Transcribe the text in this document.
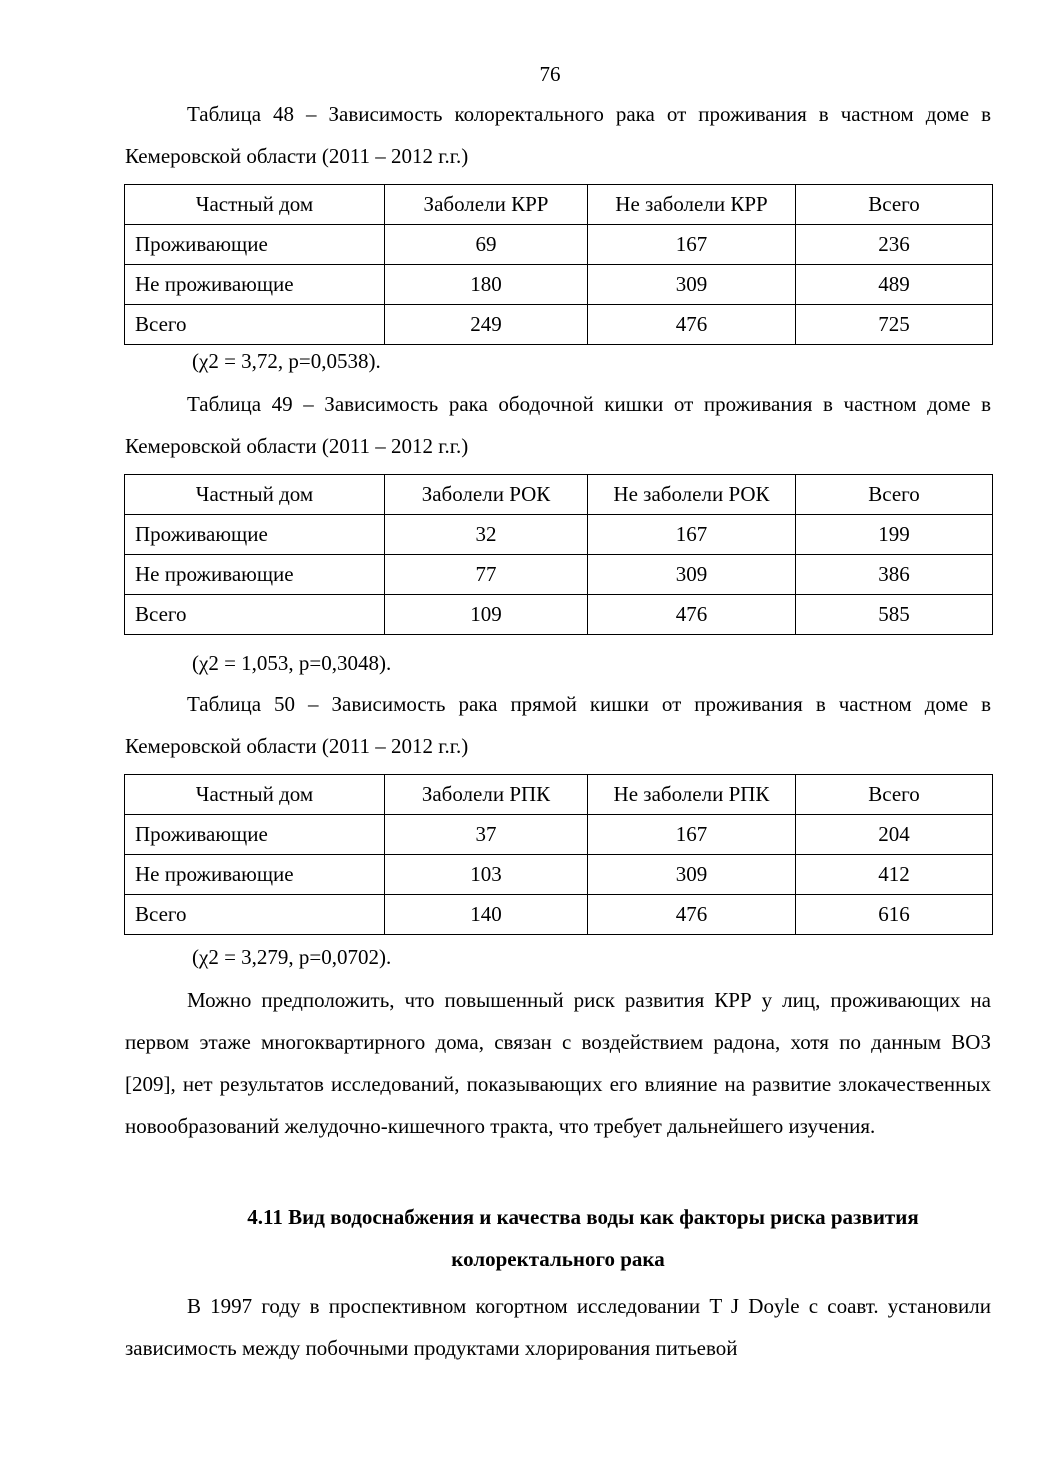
76
Таблица 48 – Зависимость колоректального рака от проживания в частном доме в Кемеровской области (2011 – 2012 г.г.)
Частный дом	Заболели КРР	Не заболели КРР	Всего
Проживающие	69	167	236
Не проживающие	180	309	489
Всего	249	476	725
(χ2 = 3,72, p=0,0538).
Таблица 49 – Зависимость рака ободочной кишки от проживания в частном доме в Кемеровской области (2011 – 2012 г.г.)
Частный дом	Заболели РОК	Не заболели РОК	Всего
Проживающие	32	167	199
Не проживающие	77	309	386
Всего	109	476	585
(χ2 = 1,053, p=0,3048).
Таблица 50 – Зависимость рака прямой кишки от проживания в частном доме в Кемеровской области (2011 – 2012 г.г.)
Частный дом	Заболели РПК	Не заболели РПК	Всего
Проживающие	37	167	204
Не проживающие	103	309	412
Всего	140	476	616
(χ2 = 3,279, p=0,0702).
Можно предположить, что повышенный риск развития КРР у лиц, проживающих на первом этаже многоквартирного дома, связан с воздействием радона, хотя по данным ВОЗ [209], нет результатов исследований, показывающих его влияние на развитие злокачественных новообразований желудочно-кишечного тракта, что требует дальнейшего изучения.
4.11 Вид водоснабжения и качества воды как факторы риска развития
колоректального рака
В 1997 году в проспективном когортном исследовании T J Doyle с соавт. установили зависимость между побочными продуктами хлорирования питьевой
